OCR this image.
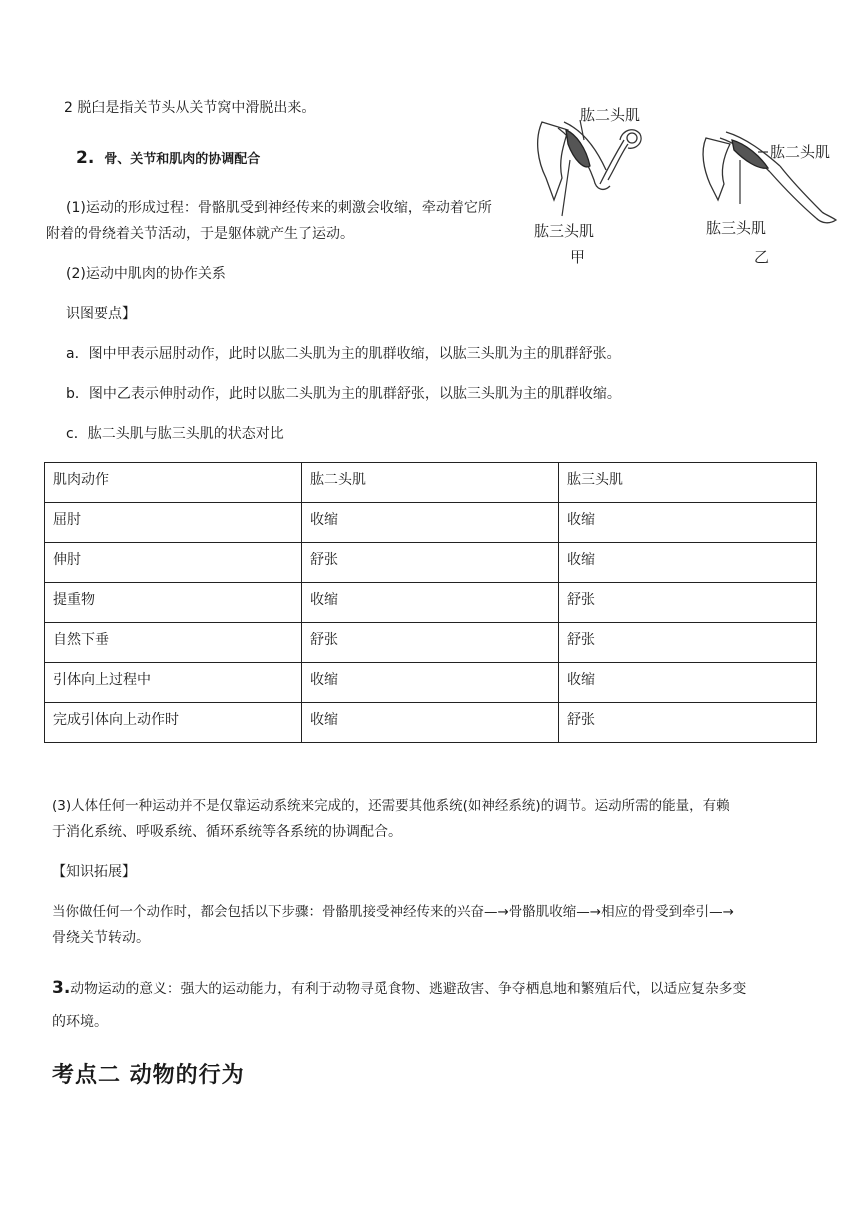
2 脱臼是指关节头从关节窝中滑脱出来。
2. 骨、关节和肌肉的协调配合
(1)运动的形成过程：骨骼肌受到神经传来的刺激会收缩，牵动着它所
附着的骨绕着关节活动，于是躯体就产生了运动。
(2)运动中肌肉的协作关系
识图要点】
a．图中甲表示屈肘动作，此时以肱二头肌为主的肌群收缩，以肱三头肌为主的肌群舒张。
b．图中乙表示伸肘动作，此时以肱二头肌为主的肌群舒张，以肱三头肌为主的肌群收缩。
c．肱二头肌与肱三头肌的状态对比
肱二头肌
肱三头肌
甲
肱二头肌
肱三头肌
乙
肌肉动作	肱二头肌	肱三头肌
屈肘	收缩	收缩
伸肘	舒张	收缩
提重物	收缩	舒张
自然下垂	舒张	舒张
引体向上过程中	收缩	收缩
完成引体向上动作时	收缩	舒张
(3)人体任何一种运动并不是仅靠运动系统来完成的，还需要其他系统(如神经系统)的调节。运动所需的能量，有赖
于消化系统、呼吸系统、循环系统等各系统的协调配合。
【知识拓展】
当你做任何一个动作时，都会包括以下步骤：骨骼肌接受神经传来的兴奋—→骨骼肌收缩—→相应的骨受到牵引—→
骨绕关节转动。
3.动物运动的意义：强大的运动能力，有利于动物寻觅食物、逃避敌害、争夺栖息地和繁殖后代，以适应复杂多变
的环境。
考点二 动物的行为
